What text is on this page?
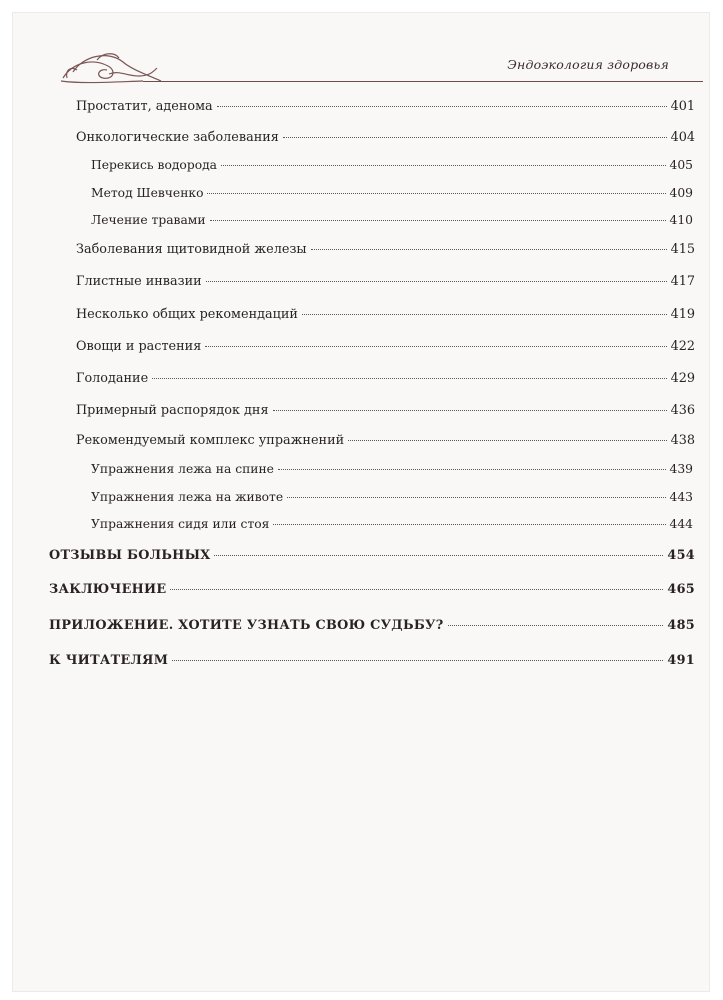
Эндоэкология здоровья
Простатит, аденома	401
Онкологические заболевания	404
Перекись водорода	405
Метод Шевченко	409
Лечение травами	410
Заболевания щитовидной железы	415
Глистные инвазии	417
Несколько общих рекомендаций	419
Овощи и растения	422
Голодание	429
Примерный распорядок дня	436
Рекомендуемый комплекс упражнений	438
Упражнения лежа на спине	439
Упражнения лежа на животе	443
Упражнения сидя или стоя	444
ОТЗЫВЫ БОЛЬНЫХ	454
ЗАКЛЮЧЕНИЕ	465
ПРИЛОЖЕНИЕ. ХОТИТЕ УЗНАТЬ СВОЮ СУДЬБУ?	485
К ЧИТАТЕЛЯМ	491
